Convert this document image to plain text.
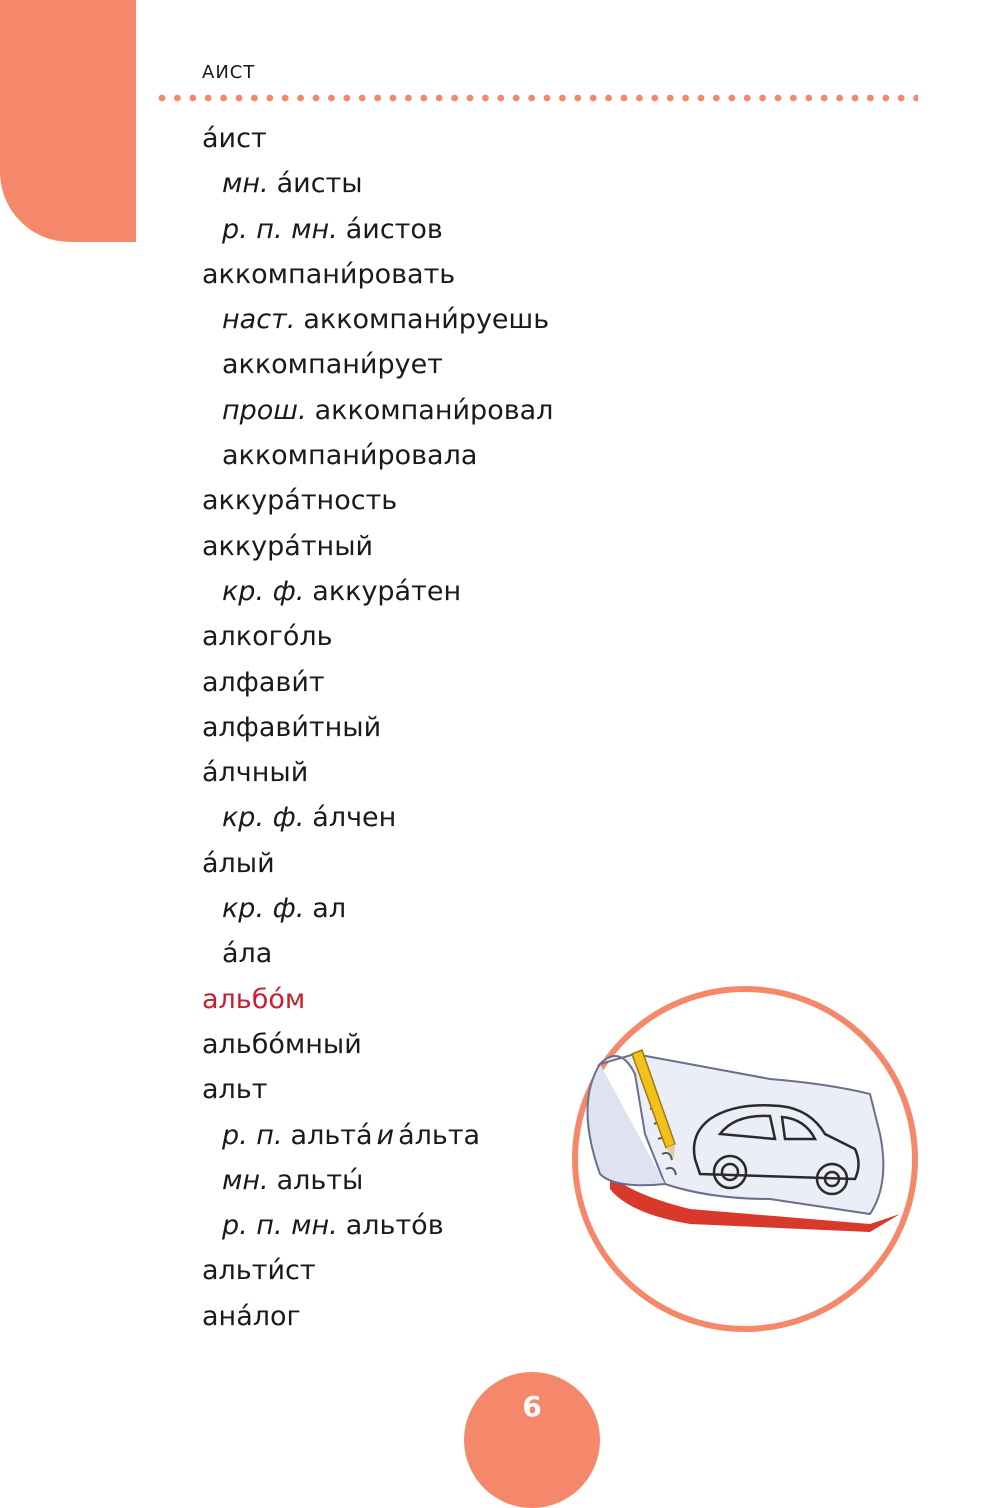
АИСТ
а́ист
мн. а́исты
р. п. мн. а́истов
аккомпани́ровать
наст. аккомпани́руешь
аккомпани́рует
прош. аккомпани́ровал
аккомпани́ровала
аккура́тность
аккура́тный
кр. ф. аккура́тен
алкого́ль
алфави́т
алфави́тный
а́лчный
кр. ф. а́лчен
а́лый
кр. ф. ал
а́ла
альбо́м
альбо́мный
альт
р. п. альта́ и а́льта
мн. альты́
р. п. мн. альто́в
альти́ст
ана́лог
6
